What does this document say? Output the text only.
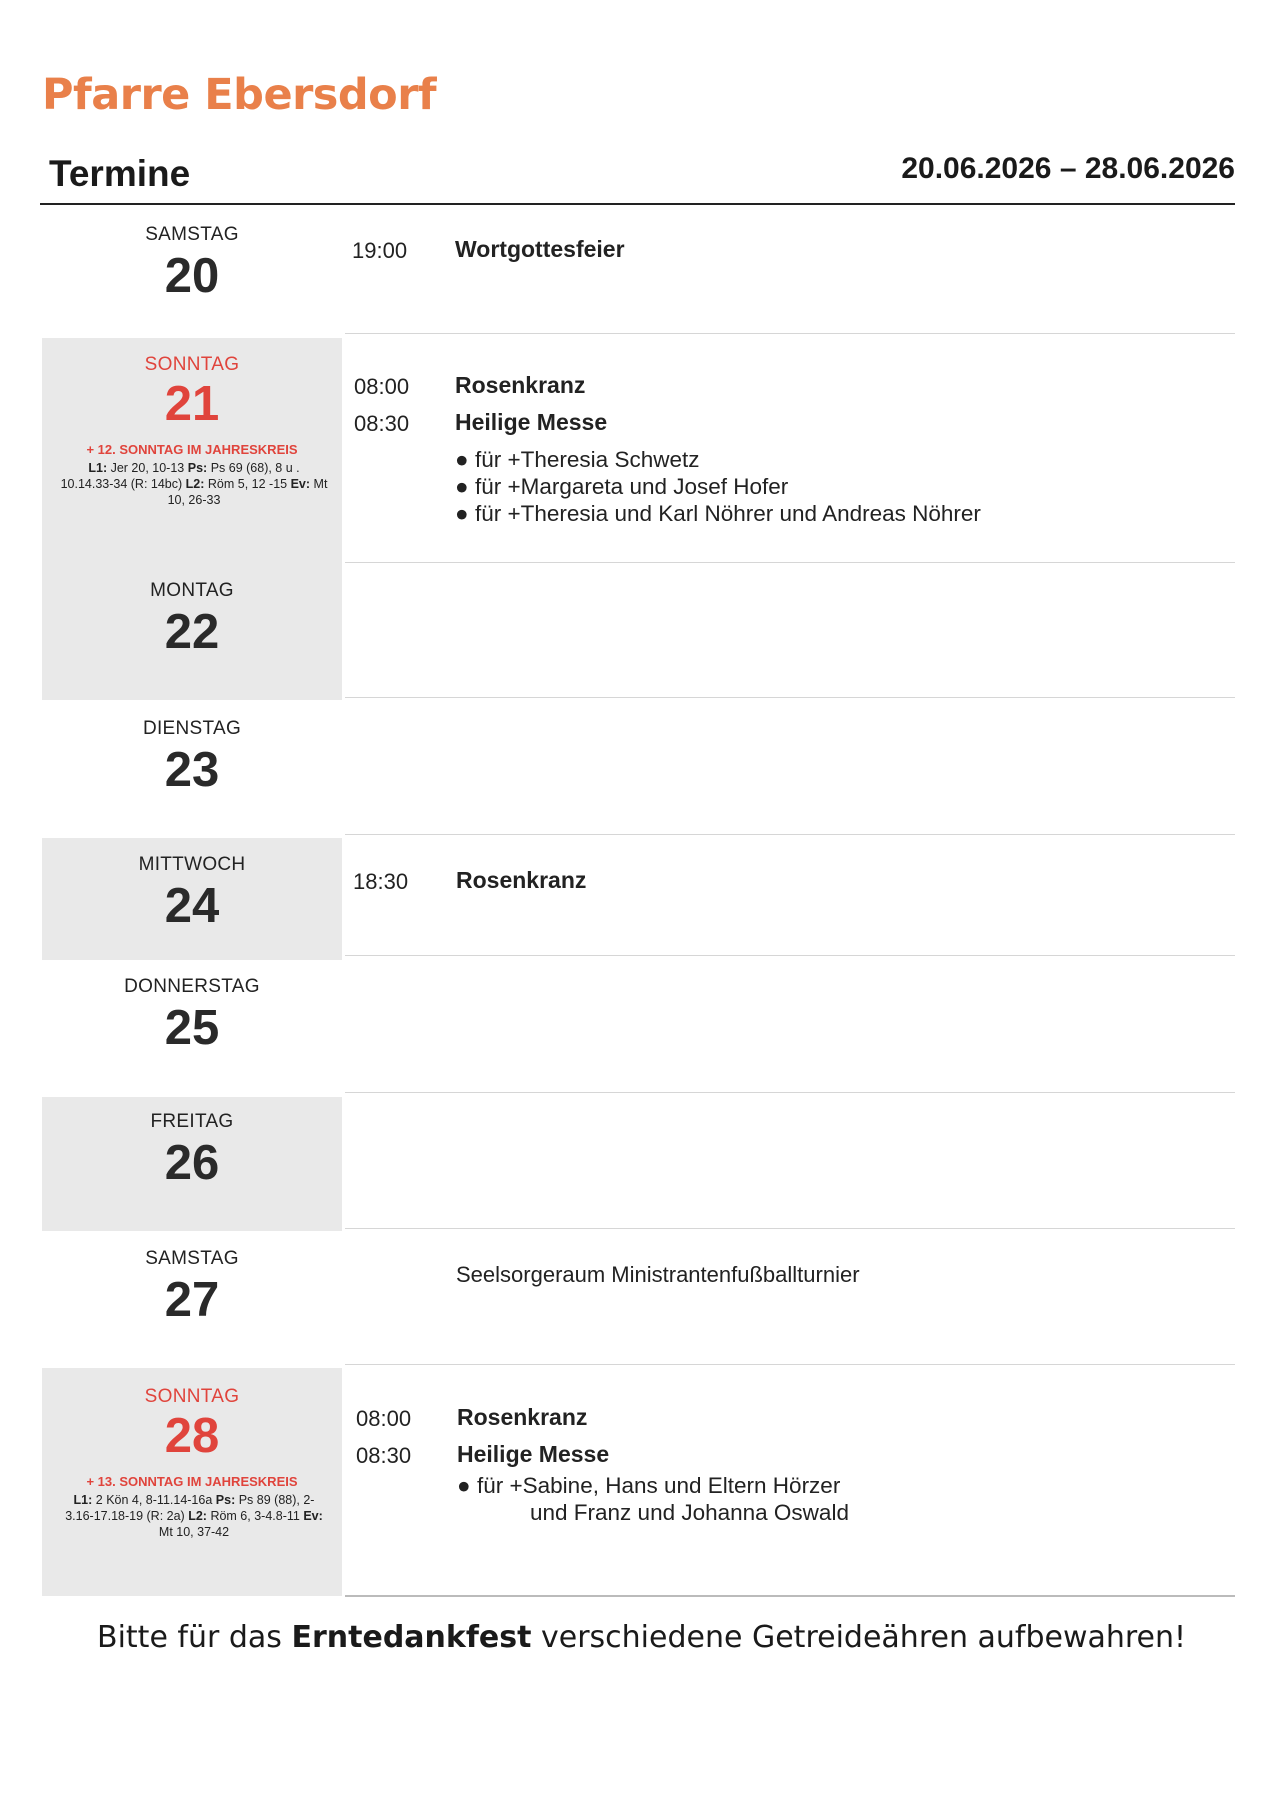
Pfarre Ebersdorf
Termine	20.06.2026 – 28.06.2026
SAMSTAG
20	19:00 Wortgottesfeier
SONNTAG
21
+ 12. SONNTAG IM JAHRESKREIS
L1: Jer 20, 10-13 Ps: Ps 69 (68), 8 u .
10.14.33-34 (R: 14bc) L2: Röm 5, 12 -15 Ev: Mt
10, 26-33
08:00 Rosenkranz
08:30 Heilige Messe
● für +Theresia Schwetz
● für +Margareta und Josef Hofer
● für +Theresia und Karl Nöhrer und Andreas Nöhrer
MONTAG
22
DIENSTAG
23
MITTWOCH
24	18:30 Rosenkranz
DONNERSTAG
25
FREITAG
26
SAMSTAG
27	Seelsorgeraum Ministrantenfußballturnier
SONNTAG
28
+ 13. SONNTAG IM JAHRESKREIS
L1: 2 Kön 4, 8-11.14-16a Ps: Ps 89 (88), 2-
3.16-17.18-19 (R: 2a) L2: Röm 6, 3-4.8-11 Ev:
Mt 10, 37-42
08:00 Rosenkranz
08:30 Heilige Messe
● für +Sabine, Hans und Eltern Hörzer
und Franz und Johanna Oswald
Bitte für das Erntedankfest verschiedene Getreideähren aufbewahren!
